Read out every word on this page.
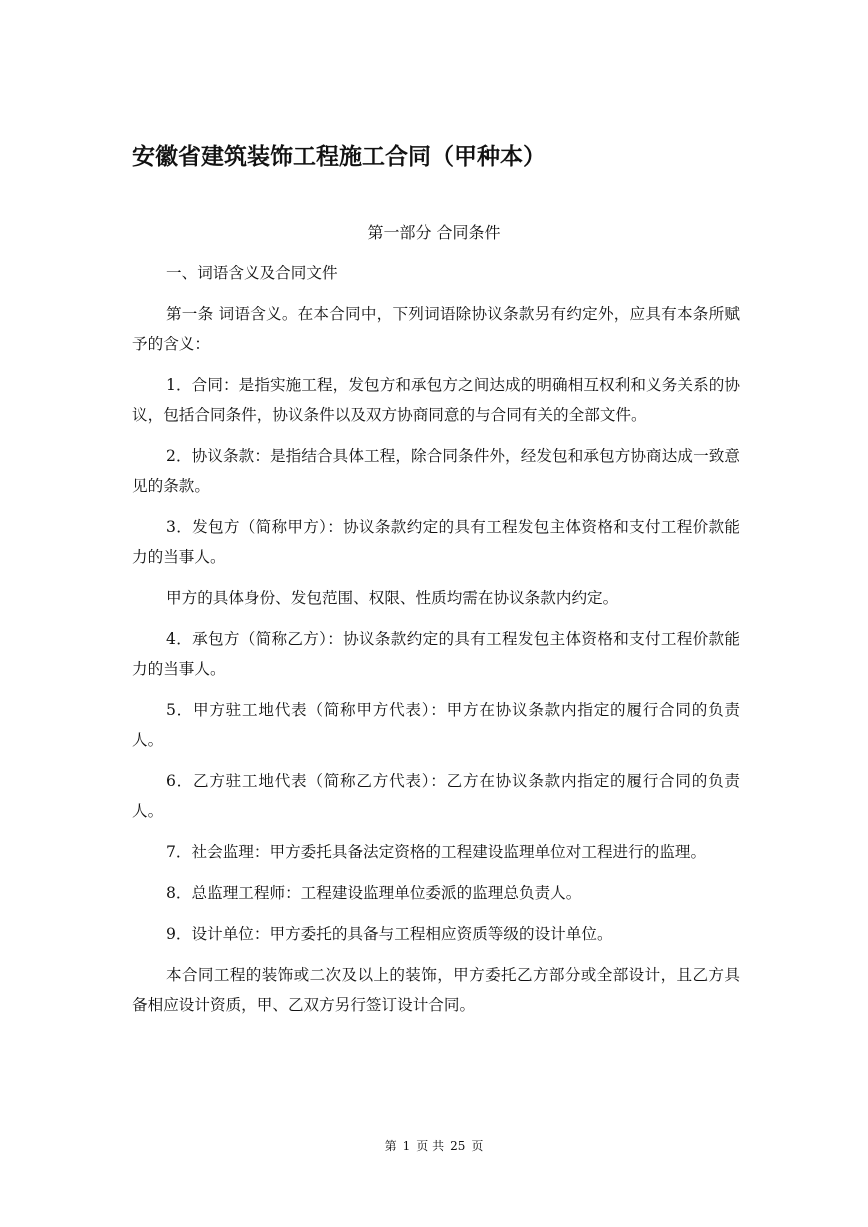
安徽省建筑装饰工程施工合同（甲种本）
第一部分 合同条件

一、词语含义及合同文件

第一条 词语含义。在本合同中，下列词语除协议条款另有约定外，应具有本条所赋予的含义：

1．合同：是指实施工程，发包方和承包方之间达成的明确相互权利和义务关系的协议，包括合同条件，协议条件以及双方协商同意的与合同有关的全部文件。

2．协议条款：是指结合具体工程，除合同条件外，经发包和承包方协商达成一致意见的条款。

3．发包方（简称甲方）：协议条款约定的具有工程发包主体资格和支付工程价款能力的当事人。

甲方的具体身份、发包范围、权限、性质均需在协议条款内约定。

4．承包方（简称乙方）：协议条款约定的具有工程发包主体资格和支付工程价款能力的当事人。

5．甲方驻工地代表（简称甲方代表）：甲方在协议条款内指定的履行合同的负责人。

6．乙方驻工地代表（简称乙方代表）：乙方在协议条款内指定的履行合同的负责人。

7．社会监理：甲方委托具备法定资格的工程建设监理单位对工程进行的监理。

8．总监理工程师：工程建设监理单位委派的监理总负责人。

9．设计单位：甲方委托的具备与工程相应资质等级的设计单位。

本合同工程的装饰或二次及以上的装饰，甲方委托乙方部分或全部设计，且乙方具备相应设计资质，甲、乙双方另行签订设计合同。

第 1 页 共 25 页
